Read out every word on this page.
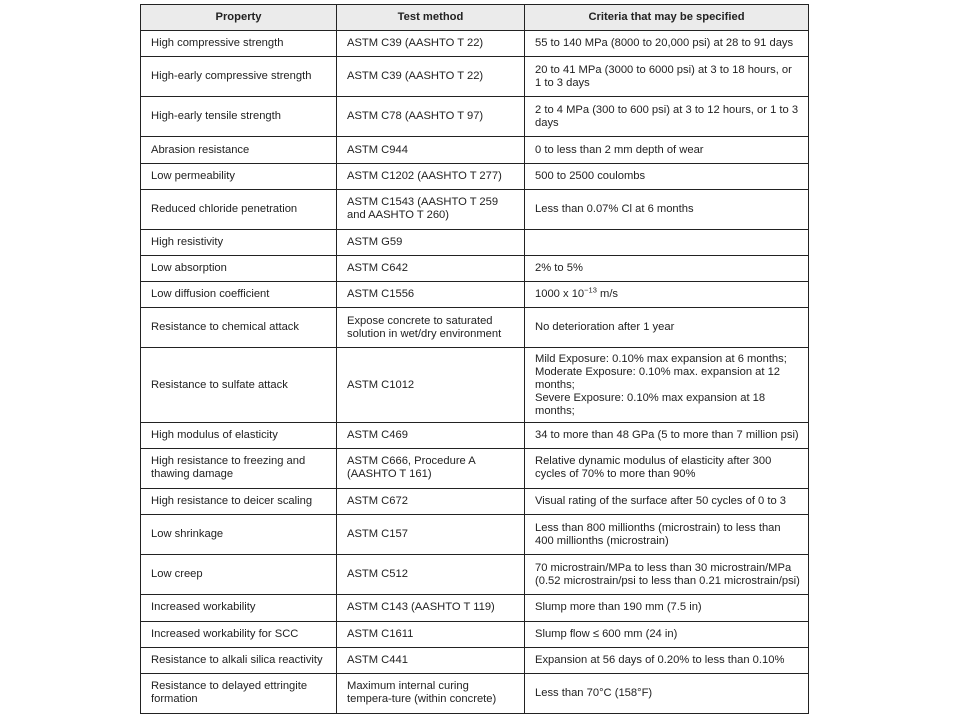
Property	Test method	Criteria that may be specified
High compressive strength	ASTM C39 (AASHTO T 22)	55 to 140 MPa (8000 to 20,000 psi) at 28 to 91 days
High-early compressive strength	ASTM C39 (AASHTO T 22)	20 to 41 MPa (3000 to 6000 psi) at 3 to 18 hours, or 1 to 3 days
High-early tensile strength	ASTM C78 (AASHTO T 97)	2 to 4 MPa (300 to 600 psi) at 3 to 12 hours, or 1 to 3 days
Abrasion resistance	ASTM C944	0 to less than 2 mm depth of wear
Low permeability	ASTM C1202 (AASHTO T 277)	500 to 2500 coulombs
Reduced chloride penetration	ASTM C1543 (AASHTO T 259 and AASHTO T 260)	Less than 0.07% Cl at 6 months
High resistivity	ASTM G59	
Low absorption	ASTM C642	2% to 5%
Low diffusion coefficient	ASTM C1556	1000 x $10^{-13}$ m/s
Resistance to chemical attack	Expose concrete to saturated solution in wet/dry environment	No deterioration after 1 year
Resistance to sulfate attack	ASTM C1012	Mild Exposure: 0.10% max expansion at 6 months;
Moderate Exposure: 0.10% max. expansion at 12 months;
Severe Exposure: 0.10% max expansion at 18 months;

High modulus of elasticity	ASTM C469	34 to more than 48 GPa (5 to more than 7 million psi)
High resistance to freezing and thawing damage	ASTM C666, Procedure A (AASHTO T 161)	Relative dynamic modulus of elasticity after 300 cycles of 70% to more than 90%
High resistance to deicer scaling	ASTM C672	Visual rating of the surface after 50 cycles of 0 to 3
Low shrinkage	ASTM C157	Less than 800 millionths (microstrain) to less than 400 millionths (microstrain)
Low creep	ASTM C512	70 microstrain/MPa to less than 30 microstrain/MPa (0.52 microstrain/psi to less than 0.21 microstrain/psi)
Increased workability	ASTM C143 (AASHTO T 119)	Slump more than 190 mm (7.5 in)
Increased workability for SCC	ASTM C1611	Slump flow ≤ 600 mm (24 in)
Resistance to alkali silica reactivity	ASTM C441	Expansion at 56 days of 0.20% to less than 0.10%
Resistance to delayed ettringite formation	Maximum internal curing tempera-ture (within concrete)	Less than 70°C (158°F)
